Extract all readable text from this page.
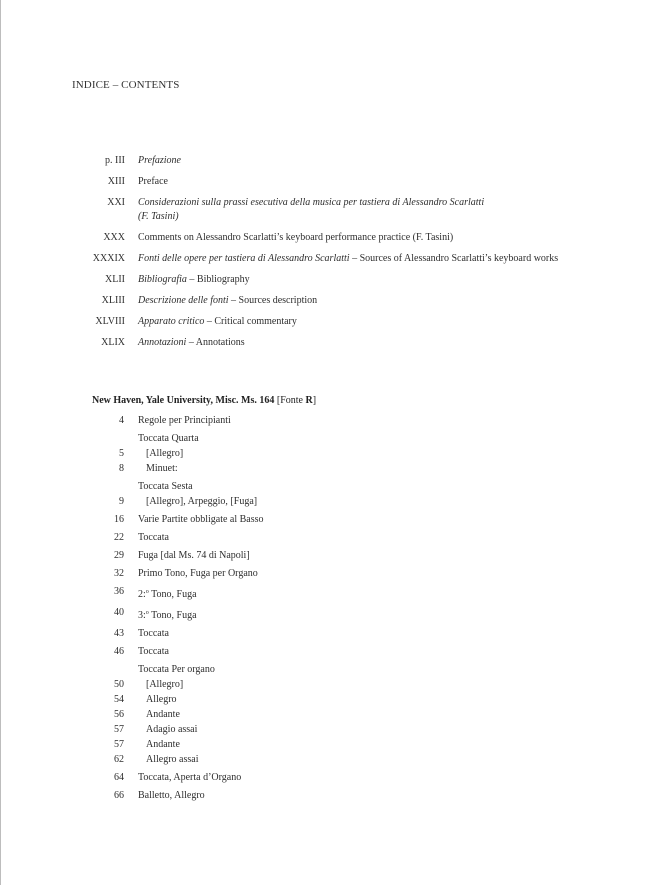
INDICE – CONTENTS
p. III Prefazione
XIII Preface
XXI Considerazioni sulla prassi esecutiva della musica per tastiera di Alessandro Scarlatti
(F. Tasini)
XXX Comments on Alessandro Scarlatti’s keyboard performance practice (F. Tasini)
XXXIX Fonti delle opere per tastiera di Alessandro Scarlatti – Sources of Alessandro Scarlatti’s keyboard works
XLII Bibliografia – Bibliography
XLIII Descrizione delle fonti – Sources description
XLVIII Apparato critico – Critical commentary
XLIX Annotazioni – Annotations
New Haven, Yale University, Misc. Ms. 164 [Fonte R]
4 Regole per Principianti
Toccata Quarta
5 [Allegro]
8 Minuet:
Toccata Sesta
9 [Allegro], Arpeggio, [Fuga]
16 Varie Partite obbligate al Basso
22 Toccata
29 Fuga [dal Ms. 74 di Napoli]
32 Primo Tono, Fuga per Organo
36 2:$^o$ Tono, Fuga
40 3:$^o$ Tono, Fuga
43 Toccata
46 Toccata
Toccata Per organo
50 [Allegro]
54 Allegro
56 Andante
57 Adagio assai
57 Andante
62 Allegro assai
64 Toccata, Aperta d’Organo
66 Balletto, Allegro
